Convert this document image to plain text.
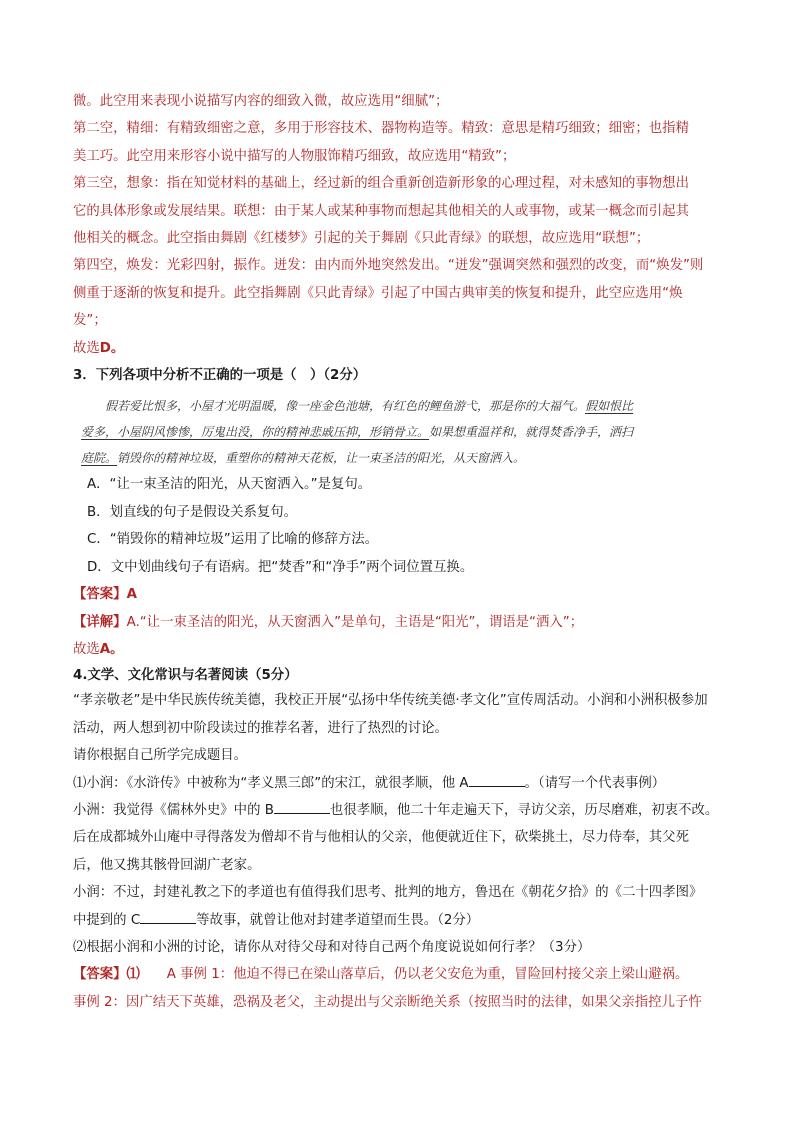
微。此空用来表现小说描写内容的细致入微，故应选用“细腻”；

第二空，精细：有精致细密之意，多用于形容技术、器物构造等。精致：意思是精巧细致；细密；也指精

美工巧。此空用来形容小说中描写的人物服饰精巧细致，故应选用“精致”；

第三空，想象：指在知觉材料的基础上，经过新的组合重新创造新形象的心理过程，对未感知的事物想出

它的具体形象或发展结果。联想：由于某人或某种事物而想起其他相关的人或事物，或某一概念而引起其

他相关的概念。此空指由舞剧《红楼梦》引起的关于舞剧《只此青绿》的联想，故应选用“联想”；

第四空，焕发：光彩四射，振作。迸发：由内而外地突然发出。“迸发”强调突然和强烈的改变，而“焕发”则

侧重于逐渐的恢复和提升。此空指舞剧《只此青绿》引起了中国古典审美的恢复和提升，此空应选用“焕

发”；

故选D。

3．下列各项中分析不正确的一项是（　）（2分）

  假若爱比恨多，小屋才光明温暖，像一座金色池塘，有红色的鲤鱼游弋，那是你的大福气。假如恨比
爱多，小屋阴风惨惨，厉鬼出没，你的精神悲戚压抑，形销骨立。如果想重温祥和，就得焚香净手，洒扫
庭院。销毁你的精神垃圾，重塑你的精神天花板，让一束圣洁的阳光，从天窗洒入。

A．“让一束圣洁的阳光，从天窗洒入。”是复句。

B．划直线的句子是假设关系复句。

C．“销毁你的精神垃圾”运用了比喻的修辞方法。

D．文中划曲线句子有语病。把“焚香”和“净手”两个词位置互换。

【答案】A

【详解】A.“让一束圣洁的阳光，从天窗洒入”是单句，主语是“阳光”，谓语是“洒入”；

故选A。

4.文学、文化常识与名著阅读（5分）

“孝亲敬老”是中华民族传统美德，我校正开展“弘扬中华传统美德·孝文化”宣传周活动。小润和小洲积极参加

活动，两人想到初中阶段读过的推荐名著，进行了热烈的讨论。

请你根据自己所学完成题目。

⑴小润：《水浒传》中被称为“孝义黑三郎”的宋江，就很孝顺，他 A	。（请写一个代表事例）

小洲：我觉得《儒林外史》中的 B	也很孝顺，他二十年走遍天下，寻访父亲，历尽磨难，初衷不改。

后在成都城外山庵中寻得落发为僧却不肯与他相认的父亲，他便就近住下，砍柴挑土，尽力侍奉，其父死

后，他又携其骸骨回湖广老家。

小润：不过，封建礼教之下的孝道也有值得我们思考、批判的地方，鲁迅在《朝花夕拾》的《二十四孝图》

中提到的 C	等故事，就曾让他对封建孝道望而生畏。（2分）

⑵根据小润和小洲的讨论，请你从对待父母和对待自己两个角度说说如何行孝？（3分）

【答案】⑴   A 事例 1：他迫不得已在梁山落草后，仍以老父安危为重，冒险回村接父亲上梁山避祸。

事例 2：因广结天下英雄，恐祸及老父，主动提出与父亲断绝关系（按照当时的法律，如果父亲指控儿子忤
